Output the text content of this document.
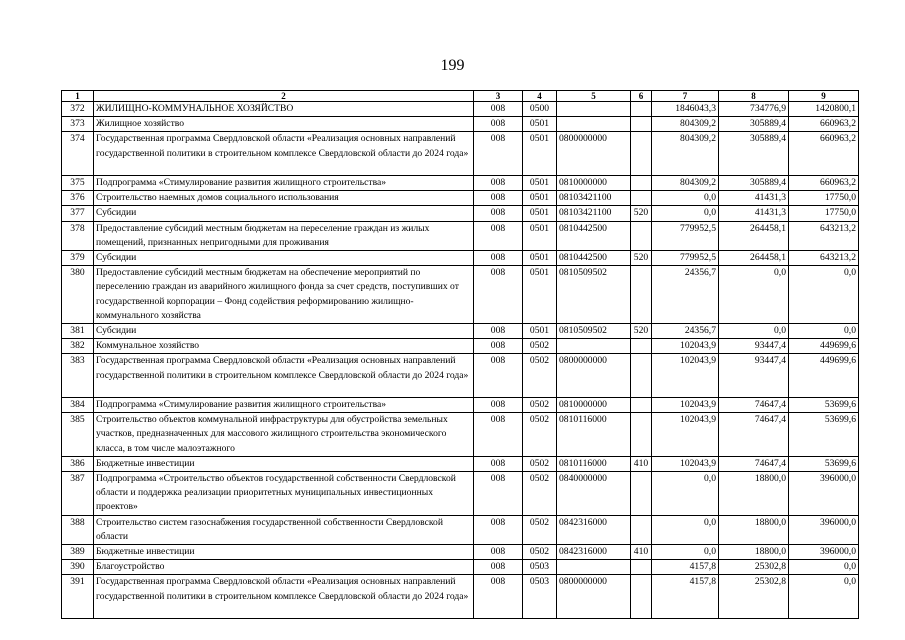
199
1	2	3	4	5	6	7	8	9
372	ЖИЛИЩНО-КОММУНАЛЬНОЕ ХОЗЯЙСТВО	008	0500			1846043,3	734776,9	1420800,1
373	Жилищное хозяйство	008	0501			804309,2	305889,4	660963,2
374	Государственная программа Свердловской области «Реализация основных направлений государственной политики в строительном комплексе Свердловской области до 2024 года»	008	0501	0800000000		804309,2	305889,4	660963,2
375	Подпрограмма «Стимулирование развития жилищного строительства»	008	0501	0810000000		804309,2	305889,4	660963,2
376	Строительство наемных домов социального использования	008	0501	08103421100		0,0	41431,3	17750,0
377	Субсидии	008	0501	08103421100	520	0,0	41431,3	17750,0
378	Предоставление субсидий местным бюджетам на переселение граждан из жилых помещений, признанных непригодными для проживания	008	0501	0810442500		779952,5	264458,1	643213,2
379	Субсидии	008	0501	0810442500	520	779952,5	264458,1	643213,2
380	Предоставление субсидий местным бюджетам на обеспечение мероприятий по переселению граждан из аварийного жилищного фонда за счет средств, поступивших от государственной корпорации – Фонд содействия реформированию жилищно-коммунального хозяйства	008	0501	0810509502		24356,7	0,0	0,0
381	Субсидии	008	0501	0810509502	520	24356,7	0,0	0,0
382	Коммунальное хозяйство	008	0502			102043,9	93447,4	449699,6
383	Государственная программа Свердловской области «Реализация основных направлений государственной политики в строительном комплексе Свердловской области до 2024 года»	008	0502	0800000000		102043,9	93447,4	449699,6
384	Подпрограмма «Стимулирование развития жилищного строительства»	008	0502	0810000000		102043,9	74647,4	53699,6
385	Строительство объектов коммунальной инфраструктуры для обустройства земельных участков, предназначенных для массового жилищного строительства экономического класса, в том числе малоэтажного	008	0502	0810116000		102043,9	74647,4	53699,6
386	Бюджетные инвестиции	008	0502	0810116000	410	102043,9	74647,4	53699,6
387	Подпрограмма «Строительство объектов государственной собственности Свердловской области и поддержка реализации приоритетных муниципальных инвестиционных проектов»	008	0502	0840000000		0,0	18800,0	396000,0
388	Строительство систем газоснабжения государственной собственности Свердловской области	008	0502	0842316000		0,0	18800,0	396000,0
389	Бюджетные инвестиции	008	0502	0842316000	410	0,0	18800,0	396000,0
390	Благоустройство	008	0503			4157,8	25302,8	0,0
391	Государственная программа Свердловской области «Реализация основных направлений государственной политики в строительном комплексе Свердловской области до 2024 года»	008	0503	0800000000		4157,8	25302,8	0,0
